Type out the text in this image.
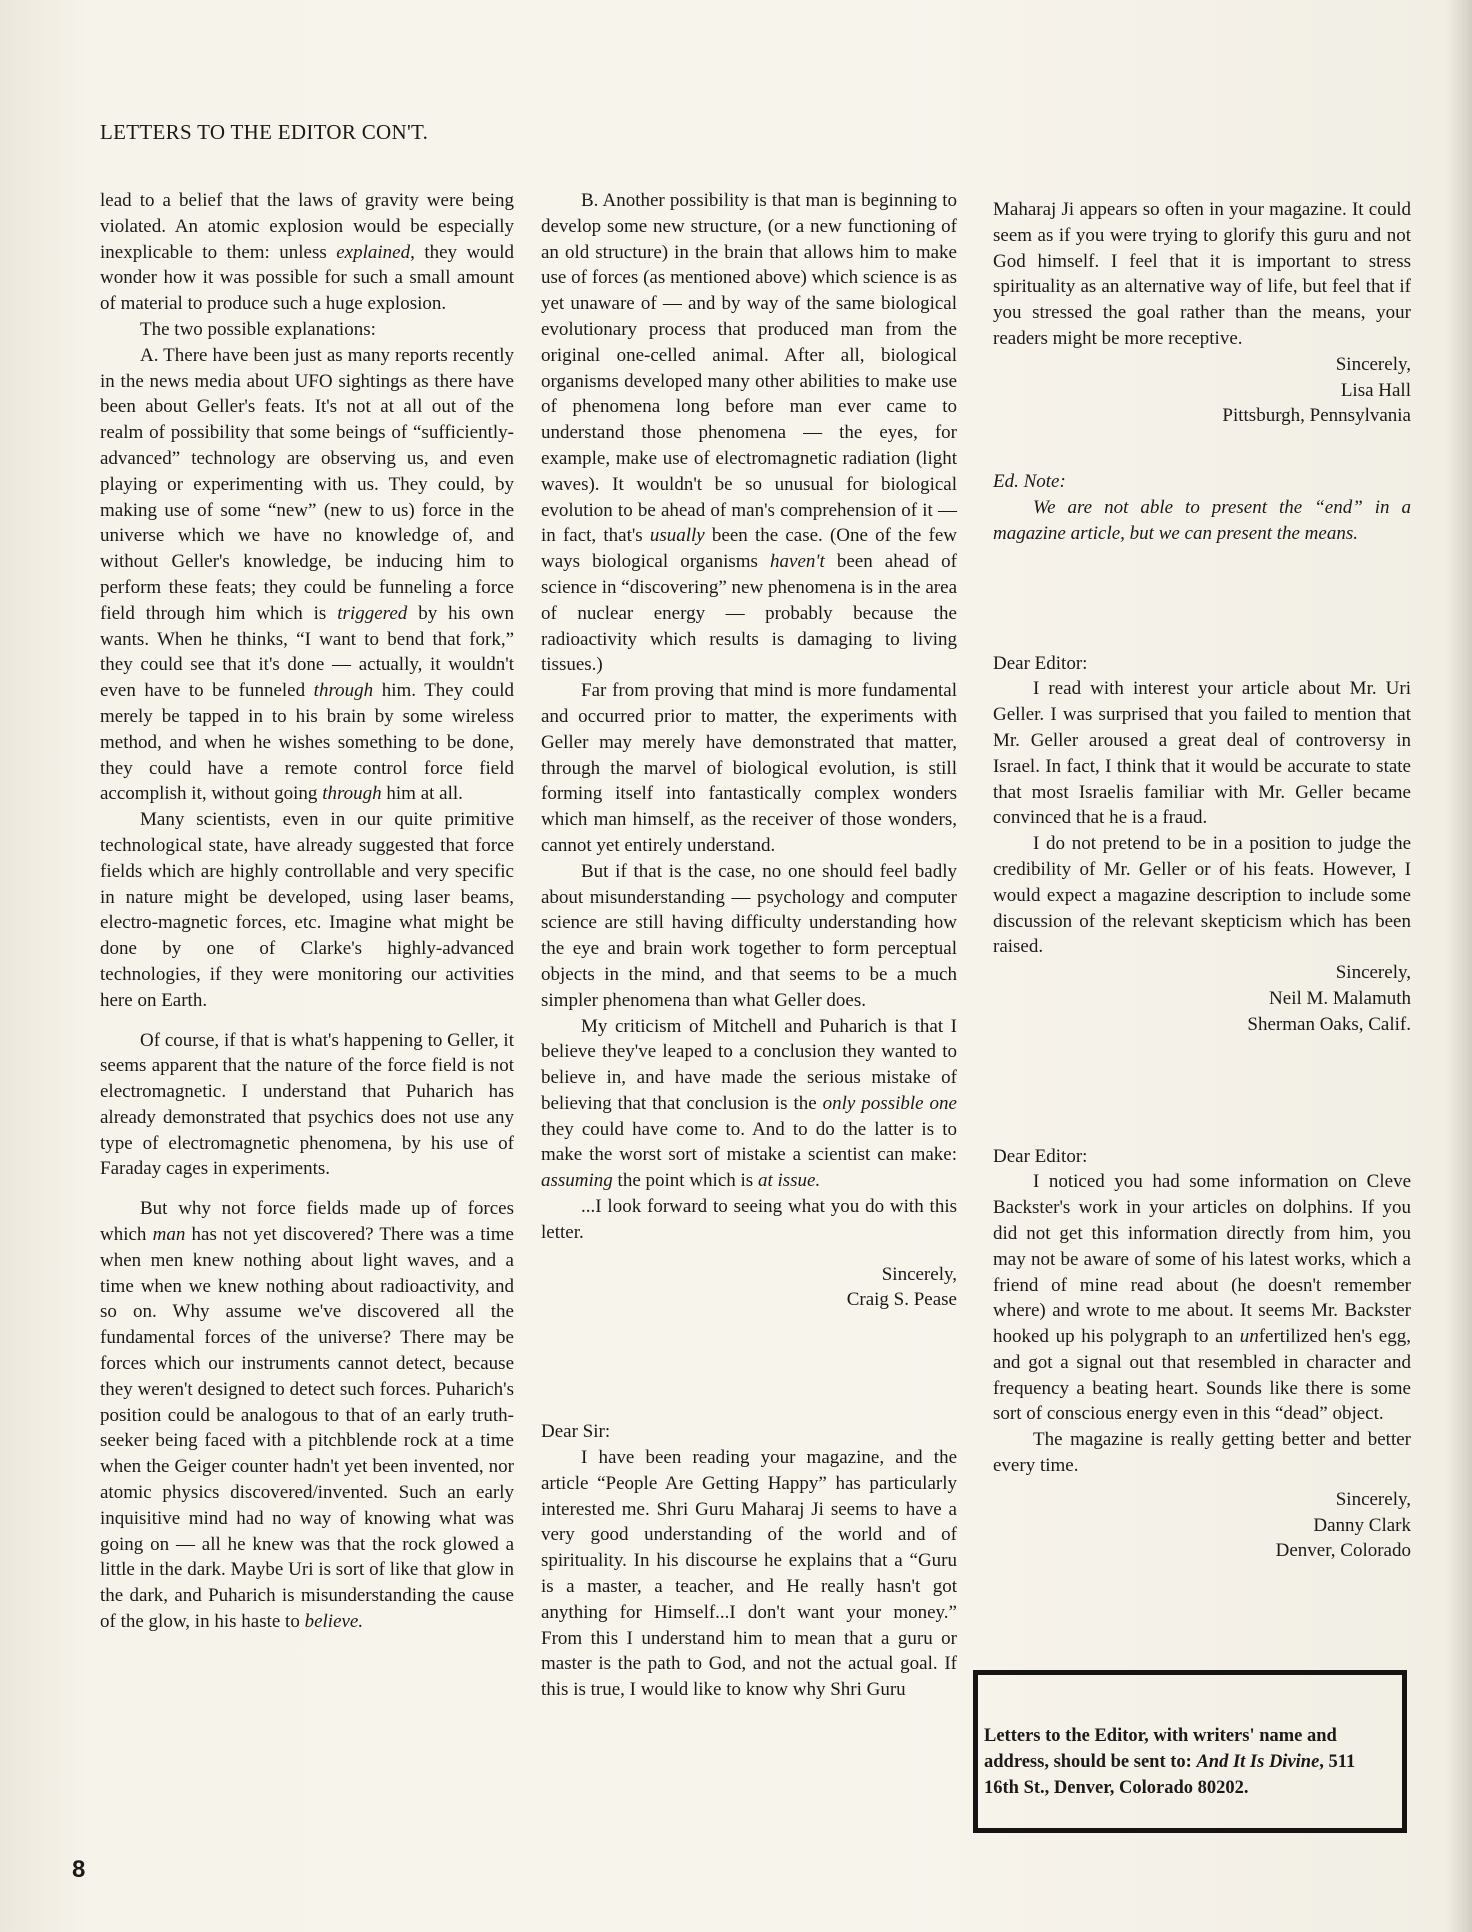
LETTERS TO THE EDITOR CON'T.

lead to a belief that the laws of gravity were being violated. An atomic explosion would be especially inexplicable to them: unless explained, they would wonder how it was possible for such a small amount of material to produce such a huge explosion.

The two possible explanations:

A. There have been just as many reports recently in the news media about UFO sightings as there have been about Geller's feats. It's not at all out of the realm of possibility that some beings of “sufficiently-advanced” technology are observing us, and even playing or experimenting with us. They could, by making use of some “new” (new to us) force in the universe which we have no knowledge of, and without Geller's knowledge, be inducing him to perform these feats; they could be funneling a force field through him which is triggered by his own wants. When he thinks, “I want to bend that fork,” they could see that it's done — actually, it wouldn't even have to be funneled through him. They could merely be tapped in to his brain by some wireless method, and when he wishes something to be done, they could have a remote control force field accomplish it, without going through him at all.

Many scientists, even in our quite primitive technological state, have already suggested that force fields which are highly controllable and very specific in nature might be developed, using laser beams, electro-magnetic forces, etc. Imagine what might be done by one of Clarke's highly-advanced technologies, if they were monitoring our activities here on Earth.

Of course, if that is what's happening to Geller, it seems apparent that the nature of the force field is not electromagnetic. I understand that Puharich has already demonstrated that psychics does not use any type of electromagnetic phenomena, by his use of Faraday cages in experiments.

But why not force fields made up of forces which man has not yet discovered? There was a time when men knew nothing about light waves, and a time when we knew nothing about radioactivity, and so on. Why assume we've discovered all the fundamental forces of the universe? There may be forces which our instruments cannot detect, because they weren't designed to detect such forces. Puharich's position could be analogous to that of an early truth-seeker being faced with a pitchblende rock at a time when the Geiger counter hadn't yet been invented, nor atomic physics discovered/invented. Such an early inquisitive mind had no way of knowing what was going on — all he knew was that the rock glowed a little in the dark. Maybe Uri is sort of like that glow in the dark, and Puharich is misunderstanding the cause of the glow, in his haste to believe.

B. Another possibility is that man is beginning to develop some new structure, (or a new functioning of an old structure) in the brain that allows him to make use of forces (as mentioned above) which science is as yet unaware of — and by way of the same biological evolutionary process that produced man from the original one-celled animal. After all, biological organisms developed many other abilities to make use of phenomena long before man ever came to understand those phenomena — the eyes, for example, make use of electromagnetic radiation (light waves). It wouldn't be so unusual for biological evolution to be ahead of man's comprehension of it — in fact, that's usually been the case. (One of the few ways biological organisms haven't been ahead of science in “discovering” new phenomena is in the area of nuclear energy — probably because the radioactivity which results is damaging to living tissues.)

Far from proving that mind is more fundamental and occurred prior to matter, the experiments with Geller may merely have demonstrated that matter, through the marvel of biological evolution, is still forming itself into fantastically complex wonders which man himself, as the receiver of those wonders, cannot yet entirely understand.

But if that is the case, no one should feel badly about misunderstanding — psychology and computer science are still having difficulty understanding how the eye and brain work together to form perceptual objects in the mind, and that seems to be a much simpler phenomena than what Geller does.

My criticism of Mitchell and Puharich is that I believe they've leaped to a conclusion they wanted to believe in, and have made the serious mistake of believing that that conclusion is the only possible one they could have come to. And to do the latter is to make the worst sort of mistake a scientist can make: assuming the point which is at issue.

...I look forward to seeing what you do with this letter.

Sincerely,
Craig S. Pease

Dear Sir:

I have been reading your magazine, and the article “People Are Getting Happy” has particularly interested me. Shri Guru Maharaj Ji seems to have a very good understanding of the world and of spirituality. In his discourse he explains that a “Guru is a master, a teacher, and He really hasn't got anything for Himself...I don't want your money.” From this I understand him to mean that a guru or master is the path to God, and not the actual goal. If this is true, I would like to know why Shri Guru

Maharaj Ji appears so often in your magazine. It could seem as if you were trying to glorify this guru and not God himself. I feel that it is important to stress spirituality as an alternative way of life, but feel that if you stressed the goal rather than the means, your readers might be more receptive.

Sincerely,
Lisa Hall
Pittsburgh, Pennsylvania

Ed. Note:

We are not able to present the “end” in a magazine article, but we can present the means.

Dear Editor:

I read with interest your article about Mr. Uri Geller. I was surprised that you failed to mention that Mr. Geller aroused a great deal of controversy in Israel. In fact, I think that it would be accurate to state that most Israelis familiar with Mr. Geller became convinced that he is a fraud.

I do not pretend to be in a position to judge the credibility of Mr. Geller or of his feats. However, I would expect a magazine description to include some discussion of the relevant skepticism which has been raised.

Sincerely,
Neil M. Malamuth
Sherman Oaks, Calif.

Dear Editor:

I noticed you had some information on Cleve Backster's work in your articles on dolphins. If you did not get this information directly from him, you may not be aware of some of his latest works, which a friend of mine read about (he doesn't remember where) and wrote to me about. It seems Mr. Backster hooked up his polygraph to an unfertilized hen's egg, and got a signal out that resembled in character and frequency a beating heart. Sounds like there is some sort of conscious energy even in this “dead” object.

The magazine is really getting better and better every time.

Sincerely,
Danny Clark
Denver, Colorado
Letters to the Editor, with writers' name and address, should be sent to: And It Is Divine, 511 16th St., Denver, Colorado 80202.
8
